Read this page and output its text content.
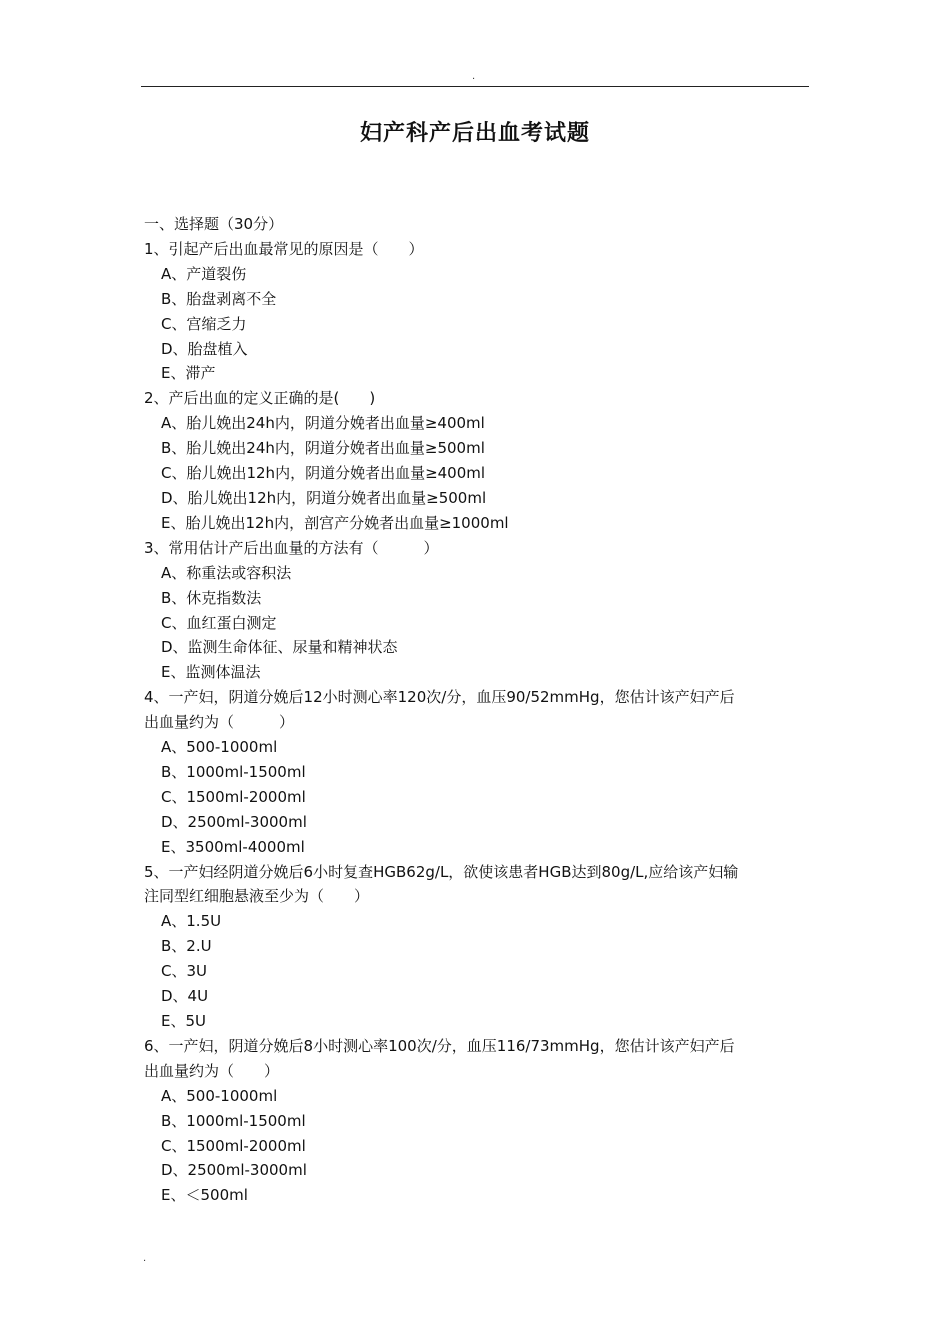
.
妇产科产后出血考试题
一、选择题（30分）
1、引起产后出血最常见的原因是（　　）
A、产道裂伤
B、胎盘剥离不全
C、宫缩乏力
D、胎盘植入
E、滞产
2、产后出血的定义正确的是(　　)
A、胎儿娩出24h内，阴道分娩者出血量≥400ml
B、胎儿娩出24h内，阴道分娩者出血量≥500ml
C、胎儿娩出12h内，阴道分娩者出血量≥400ml
D、胎儿娩出12h内，阴道分娩者出血量≥500ml
E、胎儿娩出12h内，剖宫产分娩者出血量≥1000ml
3、常用估计产后出血量的方法有（　　　）
A、称重法或容积法
B、休克指数法
C、血红蛋白测定
D、监测生命体征、尿量和精神状态
E、监测体温法
4、一产妇，阴道分娩后12小时测心率120次/分，血压90/52mmHg，您估计该产妇产后
出血量约为（　　　）
A、500-1000ml
B、1000ml-1500ml
C、1500ml-2000ml
D、2500ml-3000ml
E、3500ml-4000ml
5、一产妇经阴道分娩后6小时复查HGB62g/L，欲使该患者HGB达到80g/L,应给该产妇输
注同型红细胞悬液至少为（　　）
A、1.5U
B、2.U
C、3U
D、4U
E、5U
6、一产妇，阴道分娩后8小时测心率100次/分，血压116/73mmHg，您估计该产妇产后
出血量约为（　　）
A、500-1000ml
B、1000ml-1500ml
C、1500ml-2000ml
D、2500ml-3000ml
E、＜500ml
.
